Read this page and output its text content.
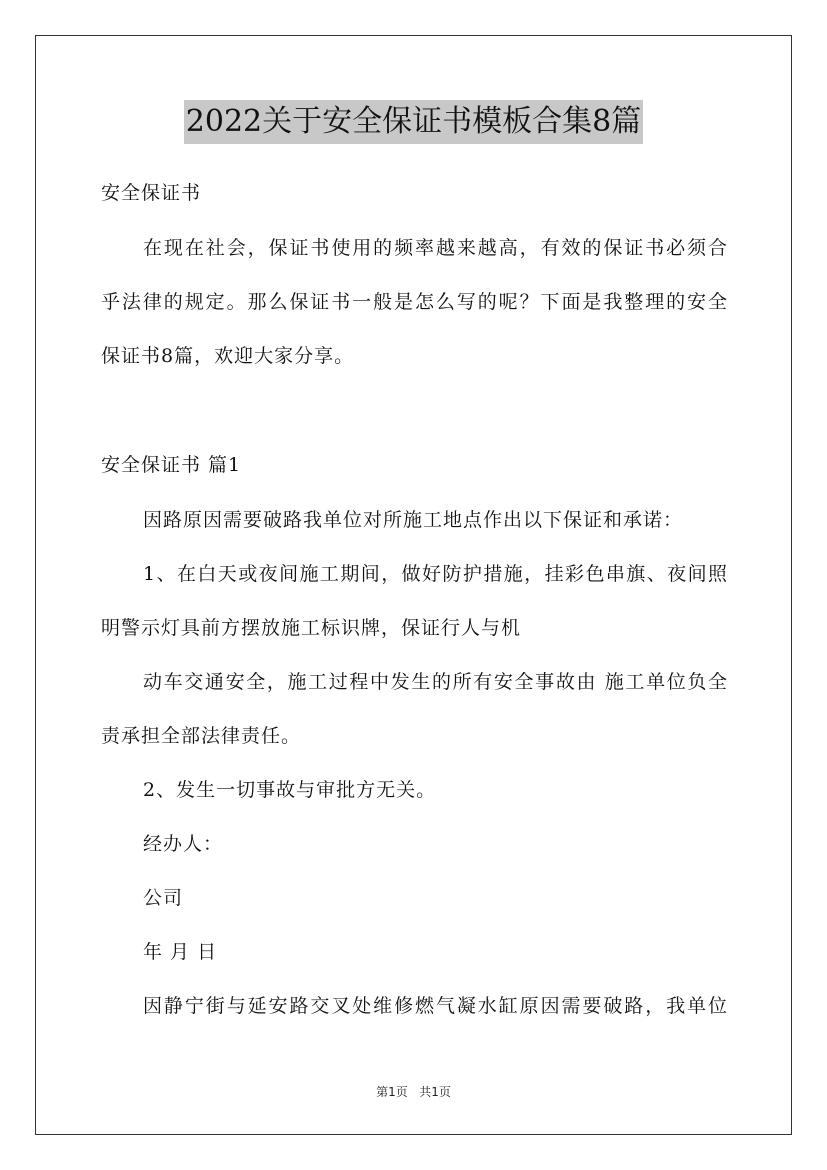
2022关于安全保证书模板合集8篇
安全保证书
在现在社会，保证书使用的频率越来越高，有效的保证书必须合
乎法律的规定。那么保证书一般是怎么写的呢？下面是我整理的安全
保证书8篇，欢迎大家分享。
安全保证书 篇1
因路原因需要破路我单位对所施工地点作出以下保证和承诺：
1、在白天或夜间施工期间，做好防护措施，挂彩色串旗、夜间照
明警示灯具前方摆放施工标识牌，保证行人与机
动车交通安全，施工过程中发生的所有安全事故由 施工单位负全
责承担全部法律责任。
2、发生一切事故与审批方无关。
经办人：
公司
年 月 日
因静宁街与延安路交叉处维修燃气凝水缸原因需要破路，我单位
第1页 共1页
